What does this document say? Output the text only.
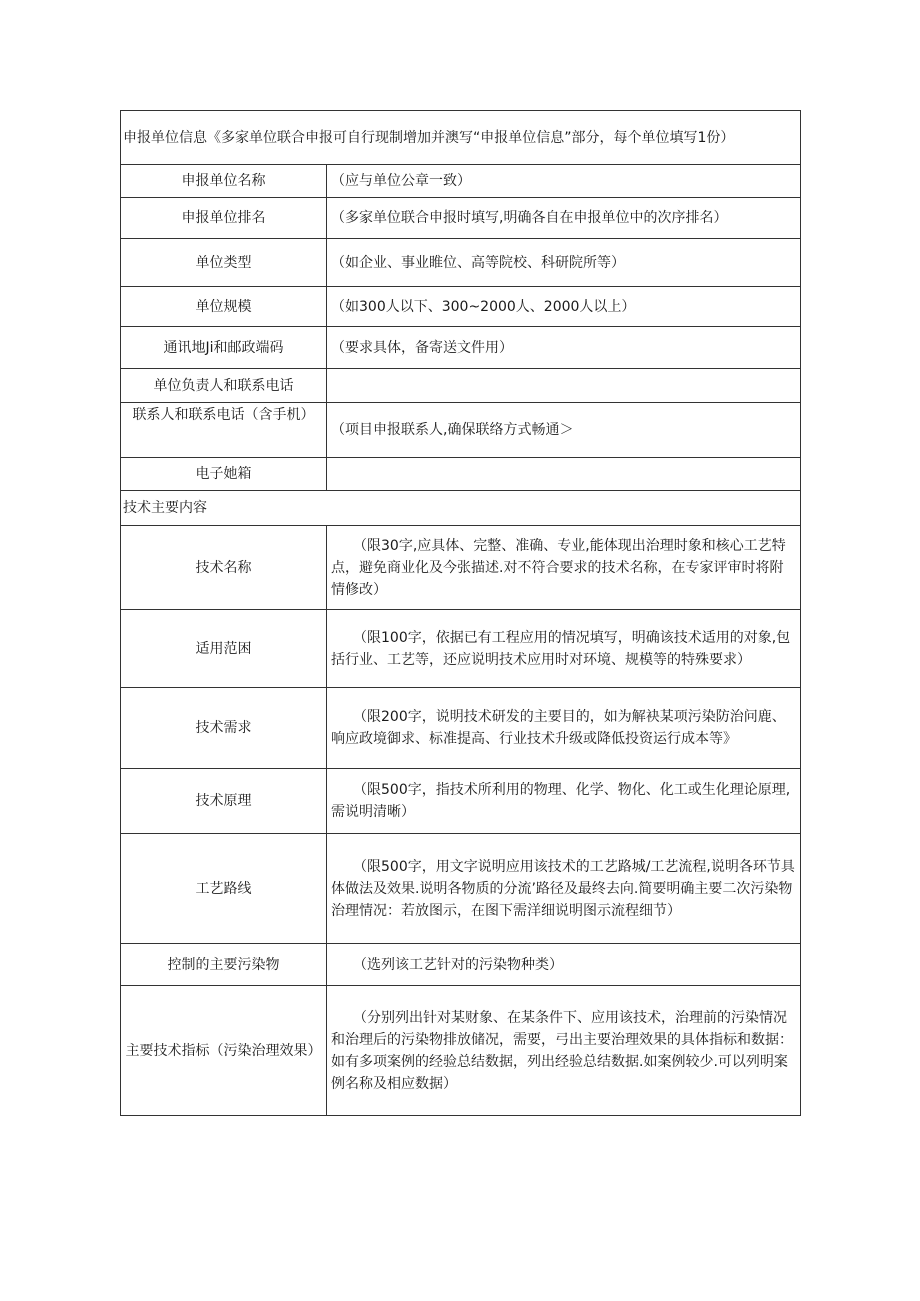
申报单位信息《多家单位联合申报可自行现制增加并澳写“申报单位信息”部分，每个单位填写1份）	
申报单位名称	（应与单位公章一致）
申报单位排名	（多家单位联合申报时填写,明确各自在申报单位中的次序排名）
单位类型	（如企业、事业睢位、高等院校、科研院所等）
单位规模	（如300人以下、300~2000人、2000人以上）
通讯地Ji和邮政端码	（要求具体，备寄送文件用）
单位负责人和联系电话	
联系人和联系电话（含手机）	（项目申报联系人,确保联络方式畅通＞
电子她箱	
技术主要内容	
技术名称	（限30字,应具体、完整、准确、专业,能体现出治理时象和核心工艺特点，避免商业化及今张描述.对不符合要求的技术名称，在专家评审时将附情修改）
适用范困	（限100字，依据已有工程应用的情况填写，明确该技术适用的对象,包括行业、工艺等，还应说明技术应用时对环境、规模等的特殊要求）
技术需求	（限200字，说明技术研发的主要目的，如为解袂某项污染防治问鹿、响应政境御求、标准提高、行业技术升级或降低投资运行成本等》
技术原理	（限500字，指技术所利用的物理、化学、物化、化工或生化理论原理,需说明清晰）
工艺路线	（限500字，用文字说明应用该技术的工艺路城/工艺流程,说明各环节具体做法及效果.说明各物质的分流’路径及最终去向.简要明确主要二次污染物治理情况：若放图示，在图下需洋细说明图示流程细节）
控制的主要污染物	（选列该工艺针对的污染物种类）
主要技术指标（污染治理效果）	（分别列出针对某财象、在某条件下、应用该技术，治理前的污染情况和治理后的污染物排放储况，需要，弓出主要治理效果的具体指标和数据：如有多项案例的经验总结数据，列出经验总结数据.如案例较少.可以列明案例名称及相应数据）
